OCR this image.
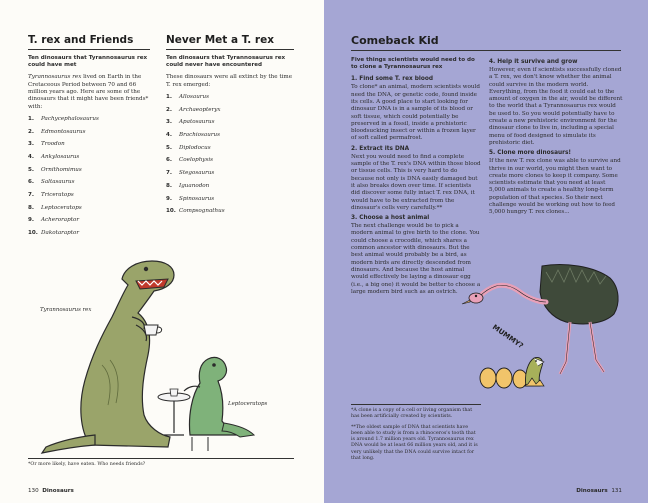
T. rex and Friends
Ten dinosaurs that Tyrannosaurus rex could have met
Tyrannosaurus rex lived on Earth in the Cretaceous Period between 70 and 66 million years ago. Here are some of the dinosaurs that it might have been friends* with:
1.	Pachycephalosaurus
2.	Edmontosaurus
3.	Troodon
4.	Ankylosaurus
5.	Ornithomimus
6.	Saltasaurus
7.	Triceratops
8.	Leptoceratops
9.	Acheroraptor
10. Dakotaraptor
Never Met a T. rex
Ten dinosaurs that Tyrannosaurus rex could never have encountered
These dinosaurs were all extinct by the time T. rex emerged:
1.	Allosaurus
2.	Archaeopteryx
3.	Apatosaurus
4.	Brachiosaurus
5.	Diplodocus
6.	Coelophysis
7.	Stegosaurus
8.	Iguanodon
9.	Spinosaurus
10. Compsognathus
Tyrannosaurus rex
Leptoceratops
*Or more likely, have eaten. Who needs friends?
130 Dinosaurs
Comeback Kid
Five things scientists would need to do to clone a Tyrannosaurus rex
1. Find some T. rex blood

To clone* an animal, modern scientists would need the DNA, or genetic code, found inside its cells. A good place to start looking for dinosaur DNA is in a sample of its blood or soft tissue, which could potentially be preserved in a fossil, inside a prehistoric bloodsucking insect or within a frozen layer of soft called permafrost.

2. Extract its DNA

Next you would need to find a complete sample of the T. rex's DNA within those blood or tissue cells. This is very hard to do because not only is DNA easily damaged but it also breaks down over time. If scientists did discover some fully intact T. rex DNA, it would have to be extracted from the dinosaur's cells very carefully.**

3. Choose a host animal

The next challenge would be to pick a modern animal to give birth to the clone. You could choose a crocodile, which shares a common ancestor with dinosaurs. But the best animal would probably be a bird, as modern birds are directly descended from dinosaurs. And because the host animal would effectively be laying a dinosaur egg (i.e., a big one) it would be better to choose a large modern bird such as an ostrich.

4. Help it survive and grow

However, even if scientists successfully cloned a T. rex, we don't know whether the animal could survive in the modern world. Everything, from the food it could eat to the amount of oxygen in the air, would be different to the world that a Tyrannosaurus rex would be used to. So you would potentially have to create a new prehistoric environment for the dinosaur clone to live in, including a special menu of food designed to simulate its prehistoric diet.

5. Clone more dinosaurs!

If the new T. rex clone was able to survive and thrive in our world, you might then want to create more clones to keep it company. Some scientists estimate that you need at least 5,000 animals to create a healthy long-term population of that species. So their next challenge would be working out how to feed 5,000 hungry T. rex clones...

MUMMY?

*A clone is a copy of a cell or living organism that has been artificially created by scientists.

**The oldest sample of DNA that scientists have been able to study is from a rhinoceros's tooth that is around 1.7 million years old. Tyrannosaurus rex DNA would be at least 66 million years old, and it is very unlikely that the DNA could survive intact for that long.

Dinosaurs 131
